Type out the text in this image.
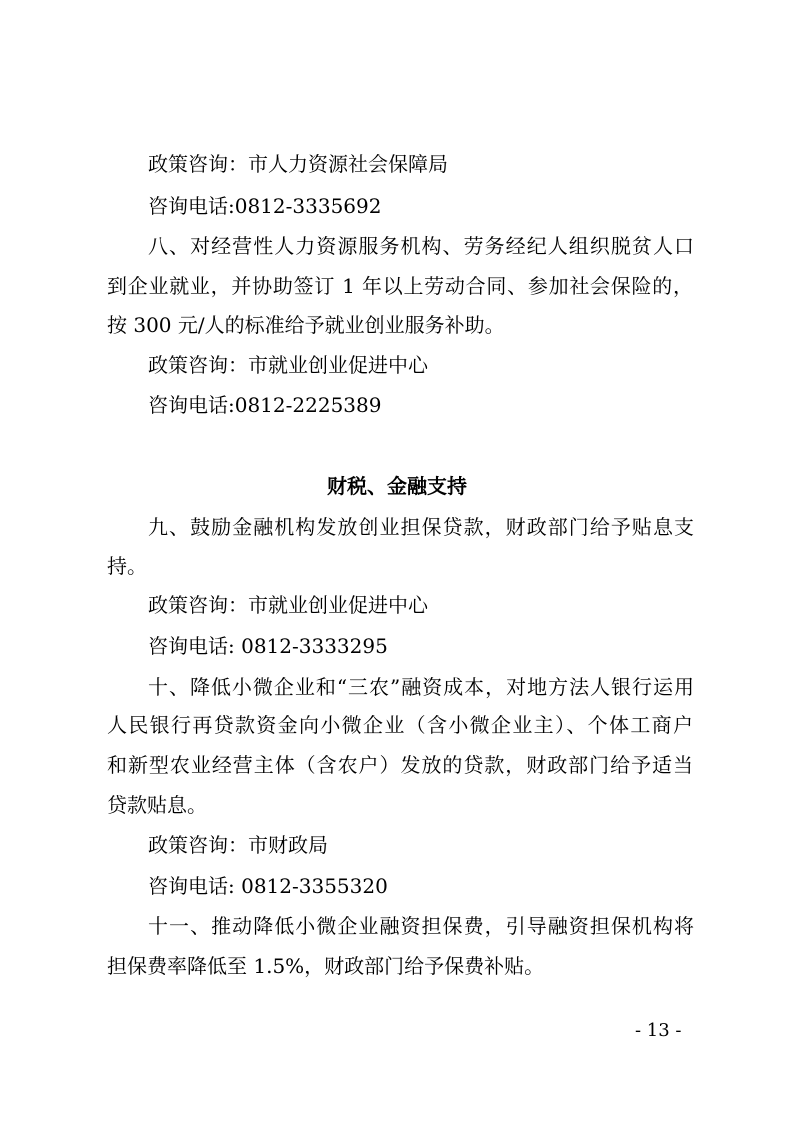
政策咨询：市人力资源社会保障局
咨询电话:0812-3335692
八、对经营性人力资源服务机构、劳务经纪人组织脱贫人口
到企业就业，并协助签订 1 年以上劳动合同、参加社会保险的，
按 300 元/人的标准给予就业创业服务补助。
政策咨询：市就业创业促进中心
咨询电话:0812-2225389
财税、金融支持
九、鼓励金融机构发放创业担保贷款，财政部门给予贴息支
持。
政策咨询：市就业创业促进中心
咨询电话: 0812-3333295
十、降低小微企业和“三农”融资成本，对地方法人银行运用
人民银行再贷款资金向小微企业（含小微企业主）、个体工商户
和新型农业经营主体（含农户）发放的贷款，财政部门给予适当
贷款贴息。
政策咨询：市财政局
咨询电话: 0812-3355320
十一、推动降低小微企业融资担保费，引导融资担保机构将
担保费率降低至 1.5%，财政部门给予保费补贴。
- 13 -
